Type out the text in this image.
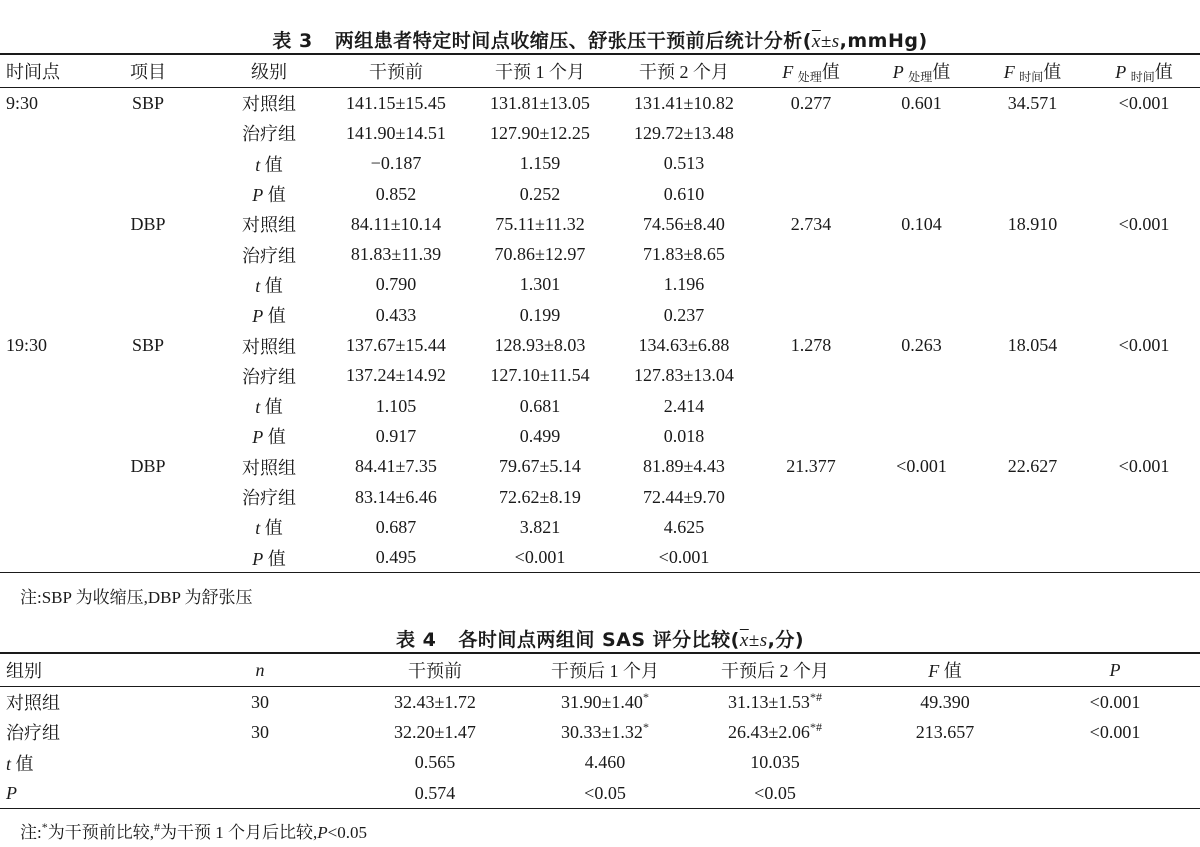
表 3 两组患者特定时间点收缩压、舒张压干预前后统计分析$(\overline{x}\pm s,mmHg)$
时间点	项目	级别	干预前	干预 1 个月	干预 2 个月	F $_{处理}$值	P $_{处理}$值	F $_{时间}$值	P $_{时间}$值
9:30	SBP	对照组	141.15±15.45	131.81±13.05	131.41±10.82	0.277	0.601	34.571	<0.001
		治疗组	141.90±14.51	127.90±12.25	129.72±13.48				
		t 值	−0.187	1.159	0.513				
		P 值	0.852	0.252	0.610				
	DBP	对照组	84.11±10.14	75.11±11.32	74.56±8.40	2.734	0.104	18.910	<0.001
		治疗组	81.83±11.39	70.86±12.97	71.83±8.65				
		t 值	0.790	1.301	1.196				
		P 值	0.433	0.199	0.237				
19:30	SBP	对照组	137.67±15.44	128.93±8.03	134.63±6.88	1.278	0.263	18.054	<0.001
		治疗组	137.24±14.92	127.10±11.54	127.83±13.04				
		t 值	1.105	0.681	2.414				
		P 值	0.917	0.499	0.018				
	DBP	对照组	84.41±7.35	79.67±5.14	81.89±4.43	21.377	<0.001	22.627	<0.001
		治疗组	83.14±6.46	72.62±8.19	72.44±9.70				
		t 值	0.687	3.821	4.625				
		P 值	0.495	<0.001	<0.001				
注:SBP 为收缩压,DBP 为舒张压
表 4 各时间点两组间 SAS 评分比较($\overline{x}\pm s$,分)
组别	n	干预前	干预后 1 个月	干预后 2 个月	F 值	P
对照组	30	32.43±1.72	31.90±1.40*	31.13±1.53*#	49.390	<0.001
治疗组	30	32.20±1.47	30.33±1.32*	26.43±2.06*#	213.657	<0.001
t 值		0.565	4.460	10.035		
P		0.574	<0.05	<0.05		
注:*为干预前比较,#为干预 1 个月后比较,P<0.05
